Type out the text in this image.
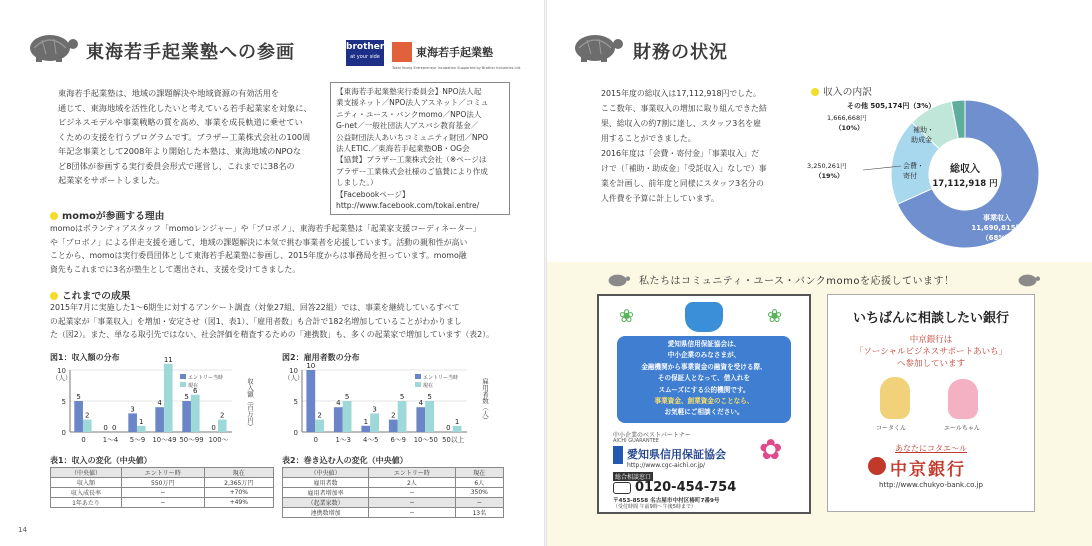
東海若手起業塾への参画	brother
at your side	東海若手起業塾
Tokai Young Entrepreneur Incubation Supported by Brother Industries Ltd.
東海若手起業塾は、地域の課題解決や地域資源の有効活用を
通じて、東海地域を活性化したいと考えている若手起業家を対象に、
ビジネスモデルや事業戦略の質を高め、事業を成長軌道に乗せてい
くための支援を行うプログラムです。ブラザー工業株式会社の100周
年記念事業として2008年より開始した本塾は、東海地域のNPOな
ど8団体が参画する実行委員会形式で運営し、これまでに38名の
起業家をサポートしました。
【東海若手起業塾実行委員会】NPO法人起
業支援ネット／NPO法人アスネット／コミュ
ニティ・ユース・バンクmomo／NPO法人
G-net／一般社団法人アスバシ教育基金／
公益財団法人あいちコミュニティ財団／NPO
法人ETIC.／東海若手起業塾OB・OG会
【協賛】ブラザー工業株式会社（※ページは
ブラザー工業株式会社様のご協賛により作成
しました。）
【Facebookページ】
http://www.facebook.com/tokai.entre/
momoが参画する理由
momoはボランティアスタッフ「momoレンジャー」や「プロボノ」、東海若手起業塾は「起業家支援コーディネーター」
や「プロボノ」による伴走支援を通して、地域の課題解決に本気で挑む事業者を応援しています。活動の親和性が高い
ことから、momoは実行委員団体として東海若手起業塾に参画し、2015年度からは事務局を担っています。momo融
資先もこれまでに3名が塾生として選出され、支援を受けてきました。
これまでの成果
2015年7月に実施した1〜6期生に対するアンケート調査（対象27組、回答22組）では、事業を継続しているすべて
の起業家が「事業収入」を増加・安定させ（図1、表1）、「雇用者数」も合計で182名増加していることがわかりまし
た（図2）。また、単なる取引先ではない、社会評価を精査するための「連携数」も、多くの起業家で増加しています（表2）。
図1：収入額の分布	図2：雇用者数の分布
（人）
0
5
10
5
2
0
0 0
1〜4
3
1
5〜9
4
11
10〜49
5
6
50〜99
0
2
100〜
エントリー当時
現在	収入額（百万円）	（人）
0
5
10
10
2
0
4
5
1〜3
1
3
4〜5
2
5
6〜9
4
5
10〜50
0
1
50以上
エントリー当時
現在	雇用者数（人）
表1：収入の変化（中央値）
（中央値）	エントリー時	現在
収入額	550万円	2,365万円
収入成長率	−	+70%
1年あたり	−	+49%
表2：巻き込む人の変化（中央値）
（中央値）	エントリー時	現在
雇用者数	2人	6人
雇用者増加率	−	350%
（起業家数）	−	−
連携数増加	−	13名
14
財務の状況
2015年度の総収入は17,112,918円でした。
ここ数年、事業収入の増加に取り組んできた結
果、総収入の約7割に達し、スタッフ3名を雇
用することができました。
2016年度は「会費・寄付金」「事業収入」だ
けで（「補助・助成金」「受託収入」なしで）事
業を計画し、前年度と同様にスタッフ3名分の
人件費を予算に計上しています。
収入の内訳
総収入
17,112,918 円
その他 505,174円（3%）
1,666,668円
（10%）	補助・
助成金
3,250,261円
（19%）
会費・
寄付
事業収入
11,690,815円
（68%）
私たちはコミュニティ・ユース・バンクmomoを応援しています！
❀	❀
愛知県信用保証協会は、
中小企業のみなさまが、
金融機関から事業資金の融資を受ける際、
その保証人となって、借入れを
スムーズにする公的機関です。
事業資金、創業資金のことなら、
お気軽にご相談ください。
中小企業のベストパートナー
AICHI GUARANTEE
愛知県信用保証協会
http://www.cgc-aichi.or.jp/ ✿
総合相談窓口
0120-454-754
〒453-8558 名古屋市中村区椿町7番9号
（受付時間 午前9時〜午後5時まで）
いちばんに相談したい銀行
中京銀行は
「ソーシャルビジネスサポートあいち」
へ参加しています
コータくん	エールちゃん
あなたにコタエ〜ル
中京銀行
http://www.chukyo-bank.co.jp
